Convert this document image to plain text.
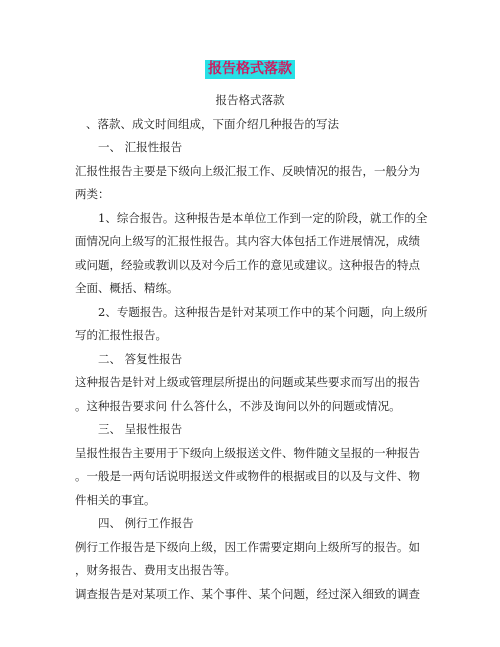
报告格式落款
报告格式落款
、落款、成文时间组成，下面介绍几种报告的写法
一、 汇报性报告
汇报性报告主要是下级向上级汇报工作、反映情况的报告，一般分为
两类：
1、综合报告。这种报告是本单位工作到一定的阶段，就工作的全
面情况向上级写的汇报性报告。其内容大体包括工作进展情况，成绩
或问题，经验或教训以及对今后工作的意见或建议。这种报告的特点
全面、概括、精练。
2、专题报告。这种报告是针对某项工作中的某个问题，向上级所
写的汇报性报告。
二、 答复性报告
这种报告是针对上级或管理层所提出的问题或某些要求而写出的报告
。这种报告要求问 什么答什么，不涉及询问以外的问题或情况。
三、 呈报性报告
呈报性报告主要用于下级向上级报送文件、物件随文呈报的一种报告
。一般是一两句话说明报送文件或物件的根据或目的以及与文件、物
件相关的事宜。
四、 例行工作报告
例行工作报告是下级向上级，因工作需要定期向上级所写的报告。如
，财务报告、费用支出报告等。
调查报告是对某项工作、某个事件、某个问题，经过深入细致的调查
